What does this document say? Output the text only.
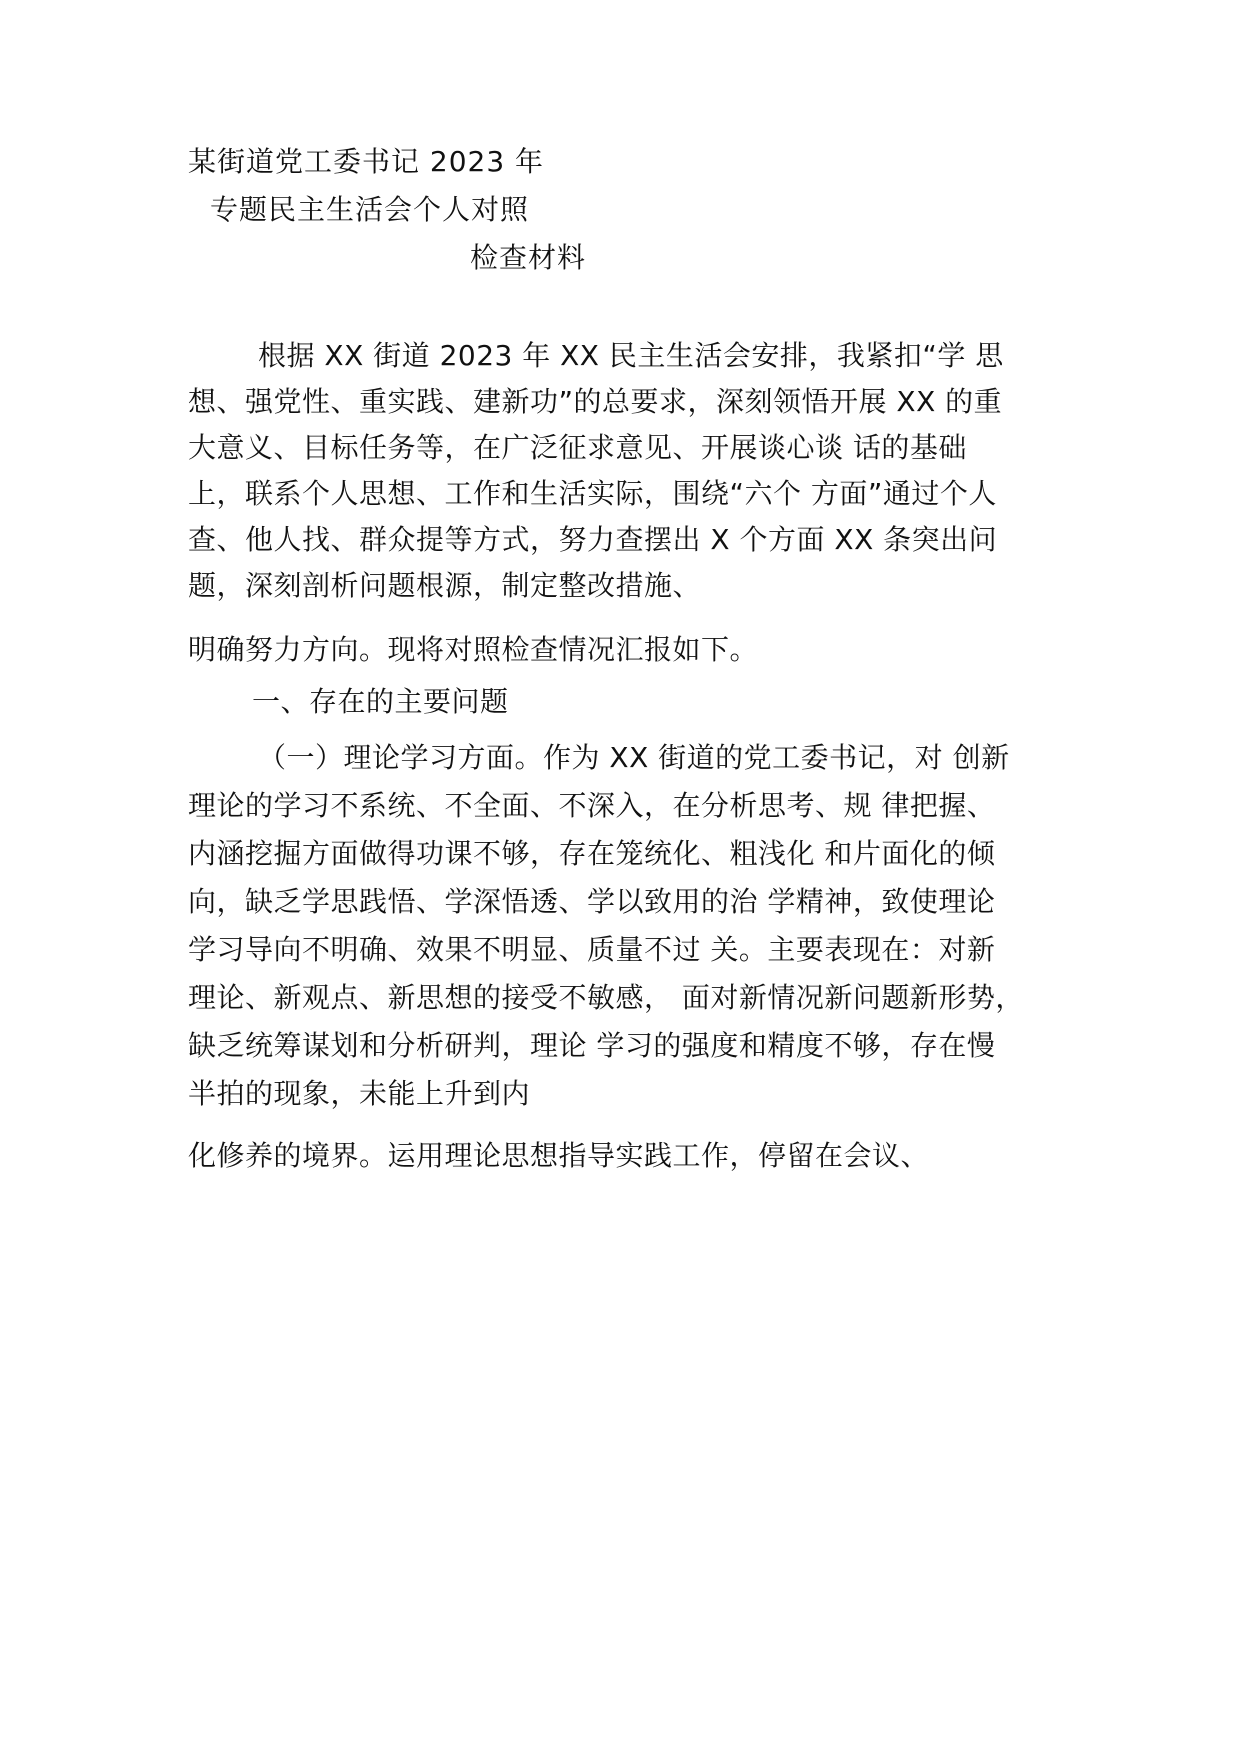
某街道党工委书记 2023 年
专题民主生活会个人对照
检查材料
根据 XX 街道 2023 年 XX 民主生活会安排，我紧扣“学 思
想、强党性、重实践、建新功”的总要求，深刻领悟开展 XX 的重
大意义、目标任务等，在广泛征求意见、开展谈心谈 话的基础
上，联系个人思想、工作和生活实际，围绕“六个 方面”通过个人
查、他人找、群众提等方式，努力查摆出 X 个方面 XX 条突出问
题，深刻剖析问题根源，制定整改措施、
明确努力方向。现将对照检查情况汇报如下。
一、存在的主要问题
（一）理论学习方面。作为 XX 街道的党工委书记，对 创新
理论的学习不系统、不全面、不深入，在分析思考、规 律把握、
内涵挖掘方面做得功课不够，存在笼统化、粗浅化 和片面化的倾
向，缺乏学思践悟、学深悟透、学以致用的治 学精神，致使理论
学习导向不明确、效果不明显、质量不过 关。主要表现在：对新
理论、新观点、新思想的接受不敏感， 面对新情况新问题新形势，
缺乏统筹谋划和分析研判，理论 学习的强度和精度不够，存在慢
半拍的现象，未能上升到内
化修养的境界。运用理论思想指导实践工作，停留在会议、
